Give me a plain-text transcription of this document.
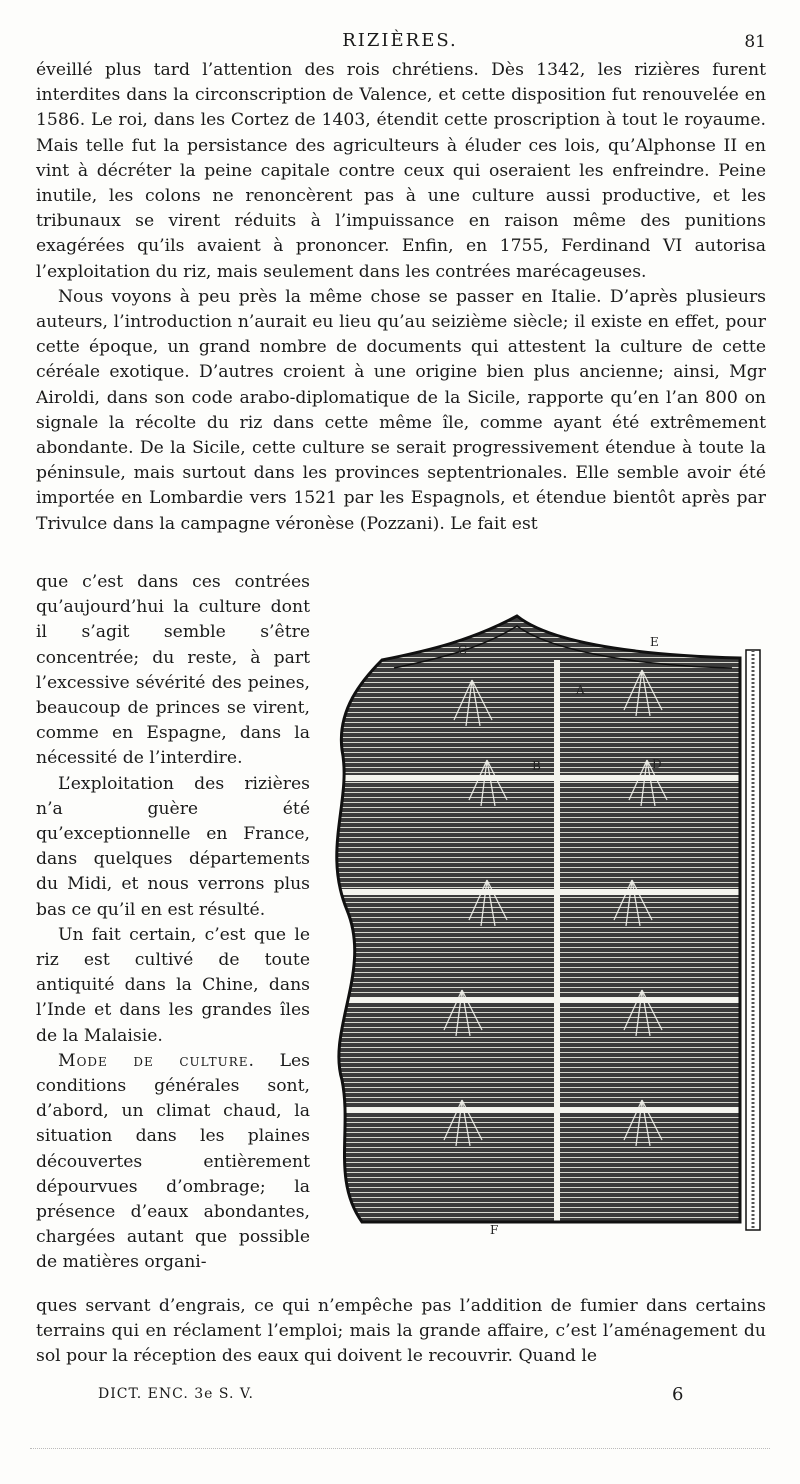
RIZIÈRES.	81

éveillé plus tard l’attention des rois chrétiens. Dès 1342, les rizières furent interdites dans la circonscription de Valence, et cette disposition fut renouvelée en 1586. Le roi, dans les Cortez de 1403, étendit cette proscription à tout le royaume. Mais telle fut la persistance des agriculteurs à éluder ces lois, qu’Alphonse II en vint à décréter la peine capitale contre ceux qui oseraient les enfreindre. Peine inutile, les colons ne renoncèrent pas à une culture aussi productive, et les tribunaux se virent réduits à l’impuissance en raison même des punitions exagérées qu’ils avaient à prononcer. Enfin, en 1755, Ferdinand VI autorisa l’exploitation du riz, mais seulement dans les contrées marécageuses.

Nous voyons à peu près la même chose se passer en Italie. D’après plusieurs auteurs, l’introduction n’aurait eu lieu qu’au seizième siècle; il existe en effet, pour cette époque, un grand nombre de documents qui attestent la culture de cette céréale exotique. D’autres croient à une origine bien plus ancienne; ainsi, Mgr Airoldi, dans son code arabo-diplomatique de la Sicile, rapporte qu’en l’an 800 on signale la récolte du riz dans cette même île, comme ayant été extrêmement abondante. De la Sicile, cette culture se serait progressivement étendue à toute la péninsule, mais surtout dans les provinces septentrionales. Elle semble avoir été importée en Lombardie vers 1521 par les Espagnols, et étendue bientôt après par Trivulce dans la campagne véronèse (Pozzani). Le fait est

que c’est dans ces contrées qu’aujourd’hui la culture dont il s’agit semble s’être concentrée; du reste, à part l’excessive sévérité des peines, beaucoup de princes se virent, comme en Espagne, dans la nécessité de l’interdire.

L’exploitation des rizières n’a guère été qu’exceptionnelle en France, dans quelques départements du Midi, et nous verrons plus bas ce qu’il en est résulté.

Un fait certain, c’est que le riz est cultivé de toute antiquité dans la Chine, dans l’Inde et dans les grandes îles de la Malaisie.

Mode de culture. Les conditions générales sont, d’abord, un climat chaud, la situation dans les plaines découvertes entièrement dépourvues d’ombrage; la présence d’eaux abondantes, chargées autant que possible de matières organi-

C
E
A
B	D
F
ques servant d’engrais, ce qui n’empêche pas l’addition de fumier dans certains terrains qui en réclament l’emploi; mais la grande affaire, c’est l’aménagement du sol pour la réception des eaux qui doivent le recouvrir. Quand le
DICT. ENC. 3e S. V.	6
